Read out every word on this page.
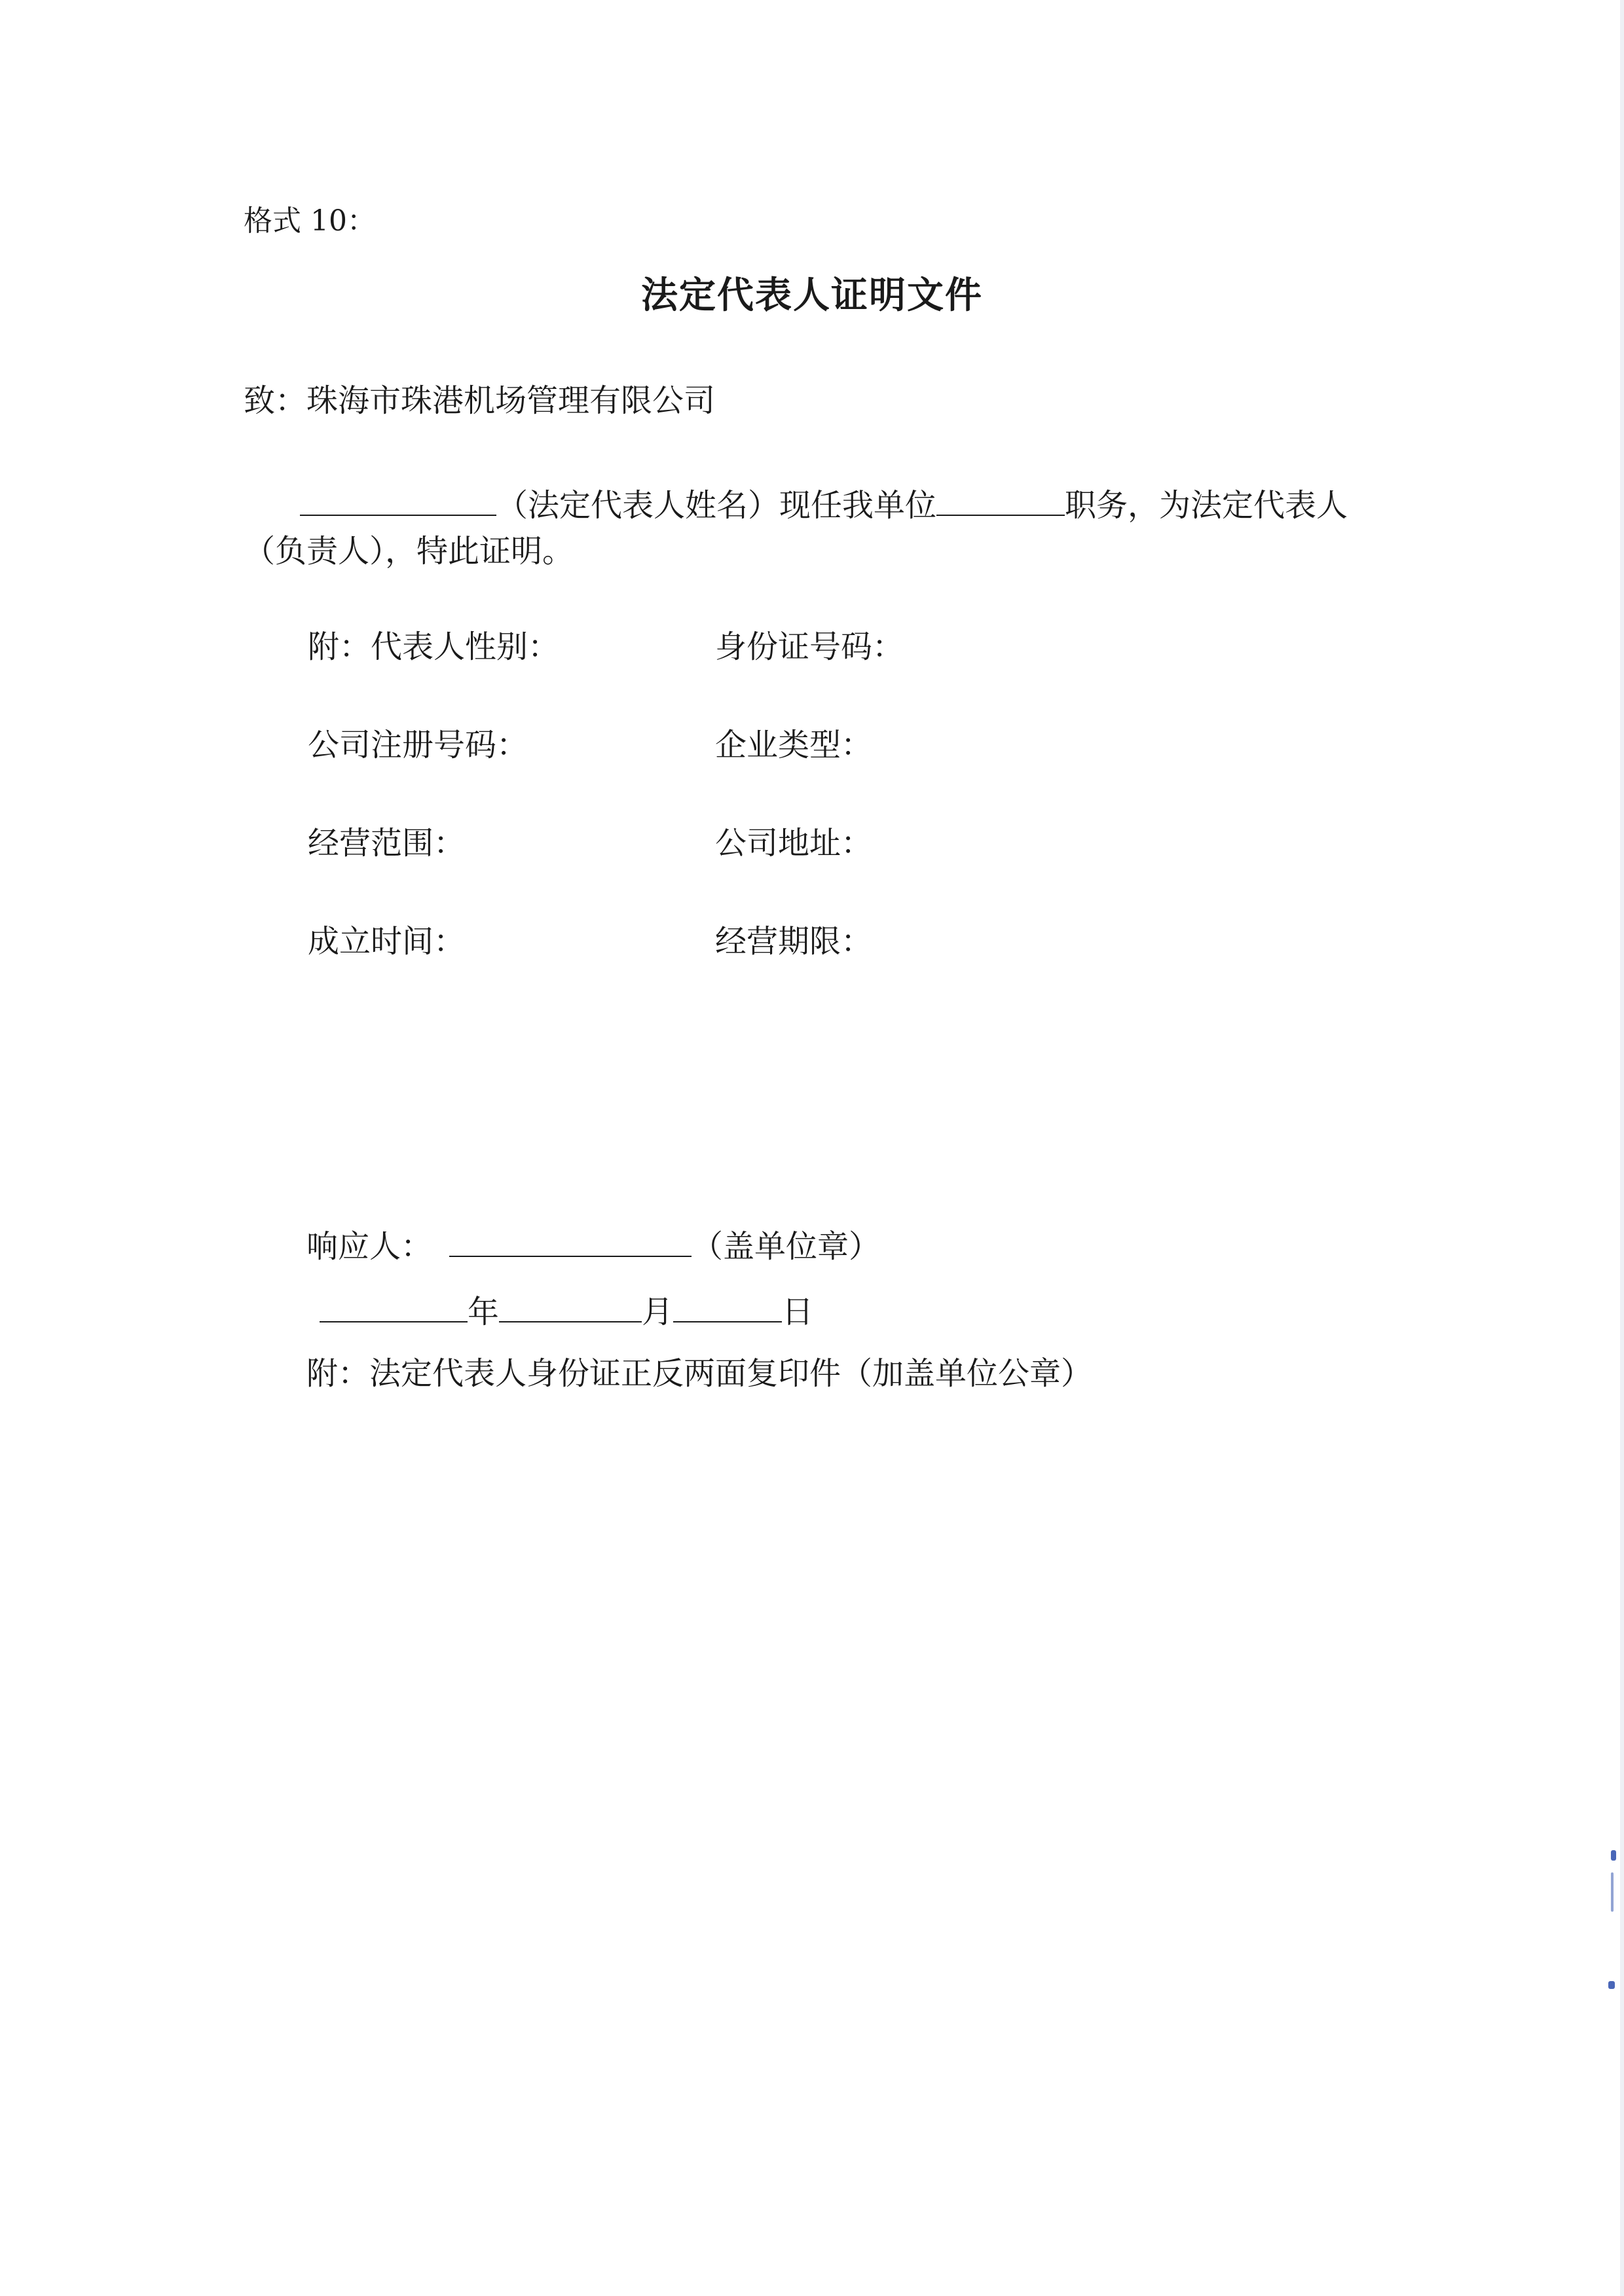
格式 10：
法定代表人证明文件
致：珠海市珠港机场管理有限公司
（法定代表人姓名）现任我单位	职务，为法定代表人
（负责人），特此证明。
附：代表人性别：	身份证号码：
公司注册号码：	企业类型：
经营范围：	公司地址：
成立时间：	经营期限：
响应人：	（盖单位章）
年	月	日
附：法定代表人身份证正反两面复印件（加盖单位公章）
